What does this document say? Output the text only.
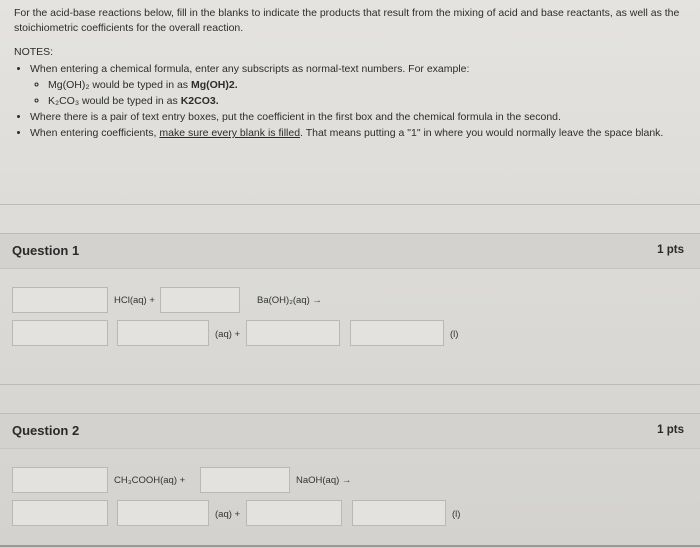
For the acid-base reactions below, fill in the blanks to indicate the products that result from the mixing of acid and base reactants, as well as the stoichiometric coefficients for the overall reaction.

NOTES:

• When entering a chemical formula, enter any subscripts as normal-text numbers. For example:
◦ Mg(OH)₂ would be typed in as Mg(OH)2.
◦ K₂CO₃ would be typed in as K2CO3.
• Where there is a pair of text entry boxes, put the coefficient in the first box and the chemical formula in the second.
• When entering coefficients, make sure every blank is filled. That means putting a "1" in where you would normally leave the space blank.
Question 1	1 pts
HCl(aq) +	Ba(OH)₂(aq) →
(aq) +	(l)
Question 2	1 pts
CH₃COOH(aq) +	NaOH(aq) →
(aq) +	(l)
